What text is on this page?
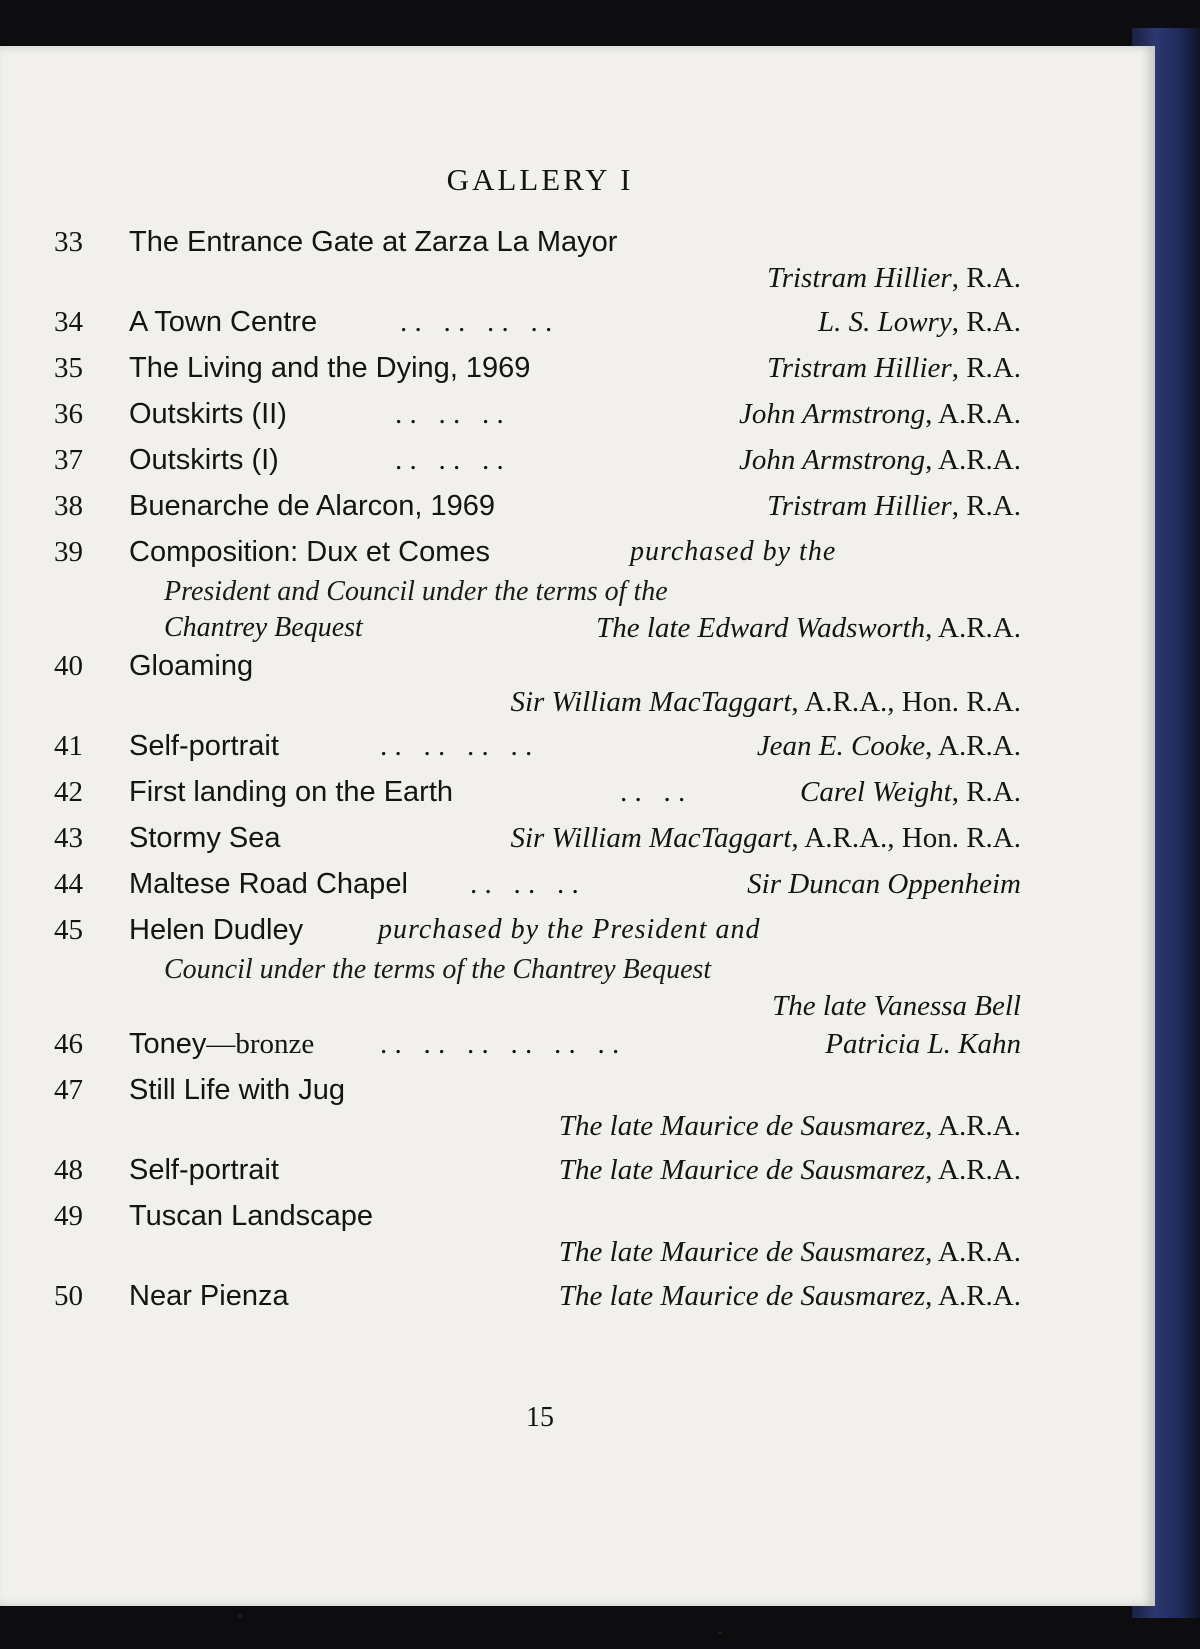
GALLERY I
33	The Entrance Gate at Zarza La Mayor
Tristram Hillier, R.A.
34	A Town Centre	. .   . .   . .   . .	L. S. Lowry, R.A.
35	The Living and the Dying, 1969	Tristram Hillier, R.A.
36	Outskirts (II)	. .   . .   . .	John Armstrong, A.R.A.
37	Outskirts (I)	. .   . .   . .	John Armstrong, A.R.A.
38	Buenarche de Alarcon, 1969	Tristram Hillier, R.A.
39	Composition: Dux et Comes	purchased by the
President and Council under the terms of the
Chantrey Bequest	The late Edward Wadsworth, A.R.A.
40	Gloaming
Sir William MacTaggart, A.R.A., Hon. R.A.
41	Self-portrait	. .   . .   . .   . .	Jean E. Cooke, A.R.A.
42	First landing on the Earth	. .   . .	Carel Weight, R.A.
43	Stormy Sea	Sir William MacTaggart, A.R.A., Hon. R.A.
44	Maltese Road Chapel . .   . .   . .	Sir Duncan Oppenheim
45	Helen Dudley	purchased by the President and
Council under the terms of the Chantrey Bequest
The late Vanessa Bell
46	Toney—bronze . .   . .   . .   . .   . .   . .	Patricia L. Kahn
47	Still Life with Jug
The late Maurice de Sausmarez, A.R.A.
48	Self-portrait	The late Maurice de Sausmarez, A.R.A.
49	Tuscan Landscape
The late Maurice de Sausmarez, A.R.A.
50	Near Pienza	The late Maurice de Sausmarez, A.R.A.
15
